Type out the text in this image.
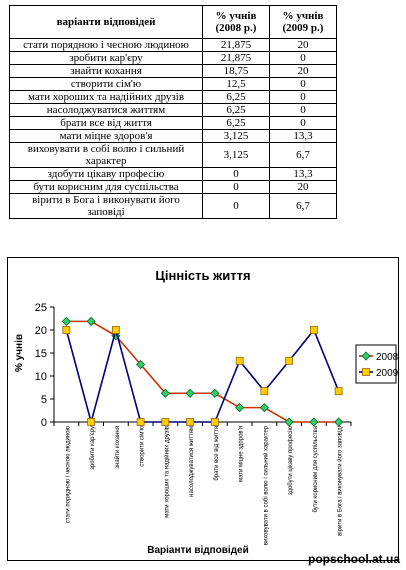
варіанти відповідей	% учнів (2008 р.)	% учнів (2009 р.)
стати порядною і чесною людиною	21,875	20
зробити кар'єру	21,875	0
знайти кохання	18,75	20
створити сім'ю	12,5	0
мати хороших та надійних друзів	6,25	0
насолоджуватися життям	6,25	0
брати все від життя	6,25	0
мати міцне здоров'я	3,125	13,3
виховувати в собі волю і сильний характер	3,125	6,7
здобути цікаву професію	0	13,3
бути корисним для суспільства	0	20
вірити в Бога і виконувати його заповіді	0	6,7
Цінність життя
% учнів
Варіанти відповідей
0
5
10
15
20
25
стати порядною і чесною людиною	зробити кар'єру	знайти кохання	створити сім'ю	мати хороших та надійних друзів	насолоджуватися життям	брати все від життя	мати міцне здоров'я	виховувати в собі волю і сильний характер	здобути цікаву професію	бути корисним для суспільства	вірити в Бога і виконувати його заповіді
2008
2009
popschool.at.ua
